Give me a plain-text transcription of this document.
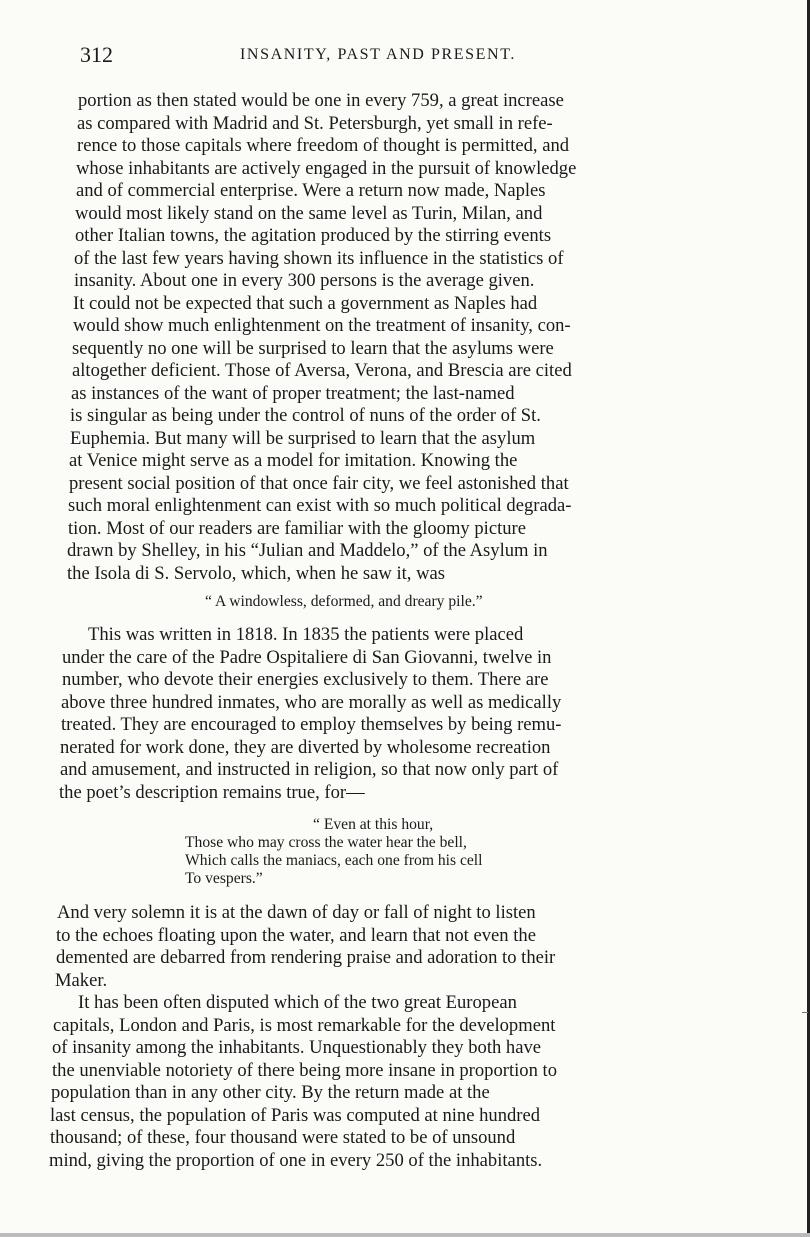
312	INSANITY, PAST AND PRESENT.
portion as then stated would be one in every 759, a great increase
as compared with Madrid and St. Petersburgh, yet small in refe-
rence to those capitals where freedom of thought is permitted, and
whose inhabitants are actively engaged in the pursuit of knowledge
and of commercial enterprise. Were a return now made, Naples
would most likely stand on the same level as Turin, Milan, and
other Italian towns, the agitation produced by the stirring events
of the last few years having shown its influence in the statistics of
insanity. About one in every 300 persons is the average given.
It could not be expected that such a government as Naples had
would show much enlightenment on the treatment of insanity, con-
sequently no one will be surprised to learn that the asylums were
altogether deficient. Those of Aversa, Verona, and Brescia are cited
as instances of the want of proper treatment; the last-named
is singular as being under the control of nuns of the order of St.
Euphemia. But many will be surprised to learn that the asylum
at Venice might serve as a model for imitation. Knowing the
present social position of that once fair city, we feel astonished that
such moral enlightenment can exist with so much political degrada-
tion. Most of our readers are familiar with the gloomy picture
drawn by Shelley, in his “Julian and Maddelo,” of the Asylum in
the Isola di S. Servolo, which, when he saw it, was
“ A windowless, deformed, and dreary pile.”
This was written in 1818. In 1835 the patients were placed
under the care of the Padre Ospitaliere di San Giovanni, twelve in
number, who devote their energies exclusively to them. There are
above three hundred inmates, who are morally as well as medically
treated. They are encouraged to employ themselves by being remu-
nerated for work done, they are diverted by wholesome recreation
and amusement, and instructed in religion, so that now only part of
the poet’s description remains true, for—
“ Even at this hour,
Those who may cross the water hear the bell,
Which calls the maniacs, each one from his cell
To vespers.”
And very solemn it is at the dawn of day or fall of night to listen
to the echoes floating upon the water, and learn that not even the
demented are debarred from rendering praise and adoration to their
Maker.
It has been often disputed which of the two great European
capitals, London and Paris, is most remarkable for the development
of insanity among the inhabitants. Unquestionably they both have
the unenviable notoriety of there being more insane in proportion to
population than in any other city. By the return made at the
last census, the population of Paris was computed at nine hundred
thousand; of these, four thousand were stated to be of unsound
mind, giving the proportion of one in every 250 of the inhabitants.
